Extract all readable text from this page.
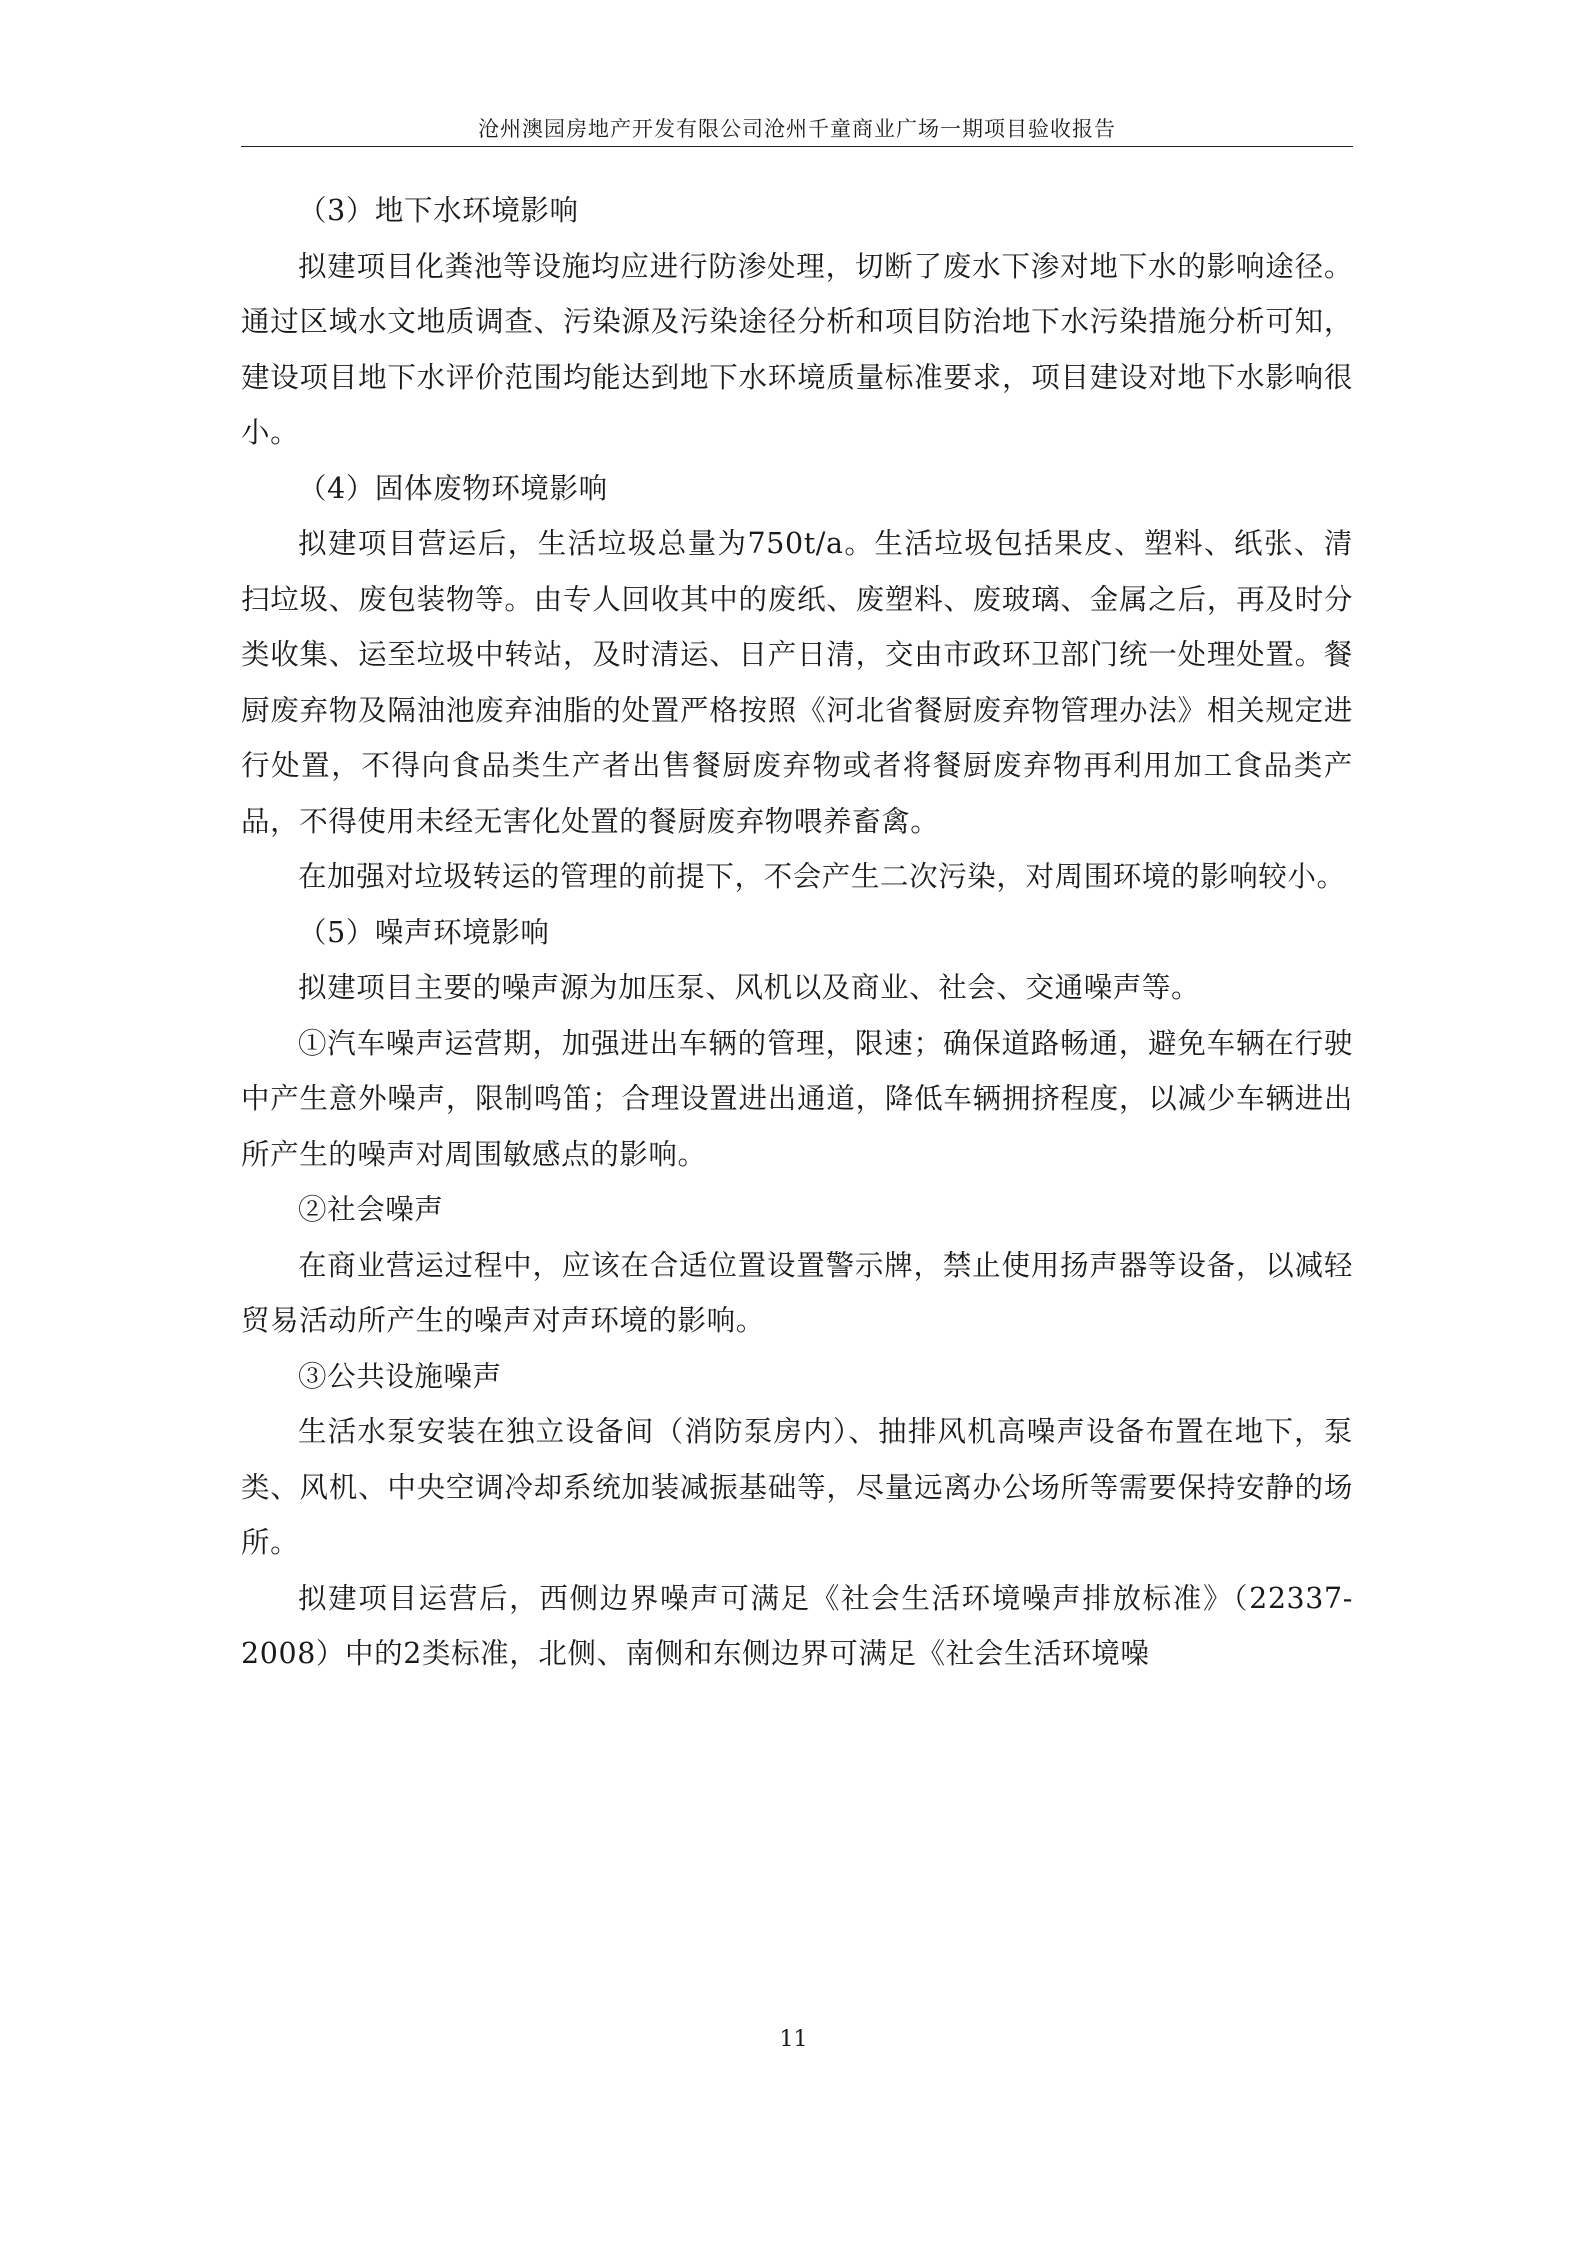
沧州澳园房地产开发有限公司沧州千童商业广场一期项目验收报告

（3）地下水环境影响

拟建项目化粪池等设施均应进行防渗处理，切断了废水下渗对地下水的影响途径。通过区域水文地质调查、污染源及污染途径分析和项目防治地下水污染措施分析可知，建设项目地下水评价范围均能达到地下水环境质量标准要求，项目建设对地下水影响很小。

（4）固体废物环境影响

拟建项目营运后，生活垃圾总量为750t/a。生活垃圾包括果皮、塑料、纸张、清扫垃圾、废包装物等。由专人回收其中的废纸、废塑料、废玻璃、金属之后，再及时分类收集、运至垃圾中转站，及时清运、日产日清，交由市政环卫部门统一处理处置。餐厨废弃物及隔油池废弃油脂的处置严格按照《河北省餐厨废弃物管理办法》相关规定进行处置，不得向食品类生产者出售餐厨废弃物或者将餐厨废弃物再利用加工食品类产品，不得使用未经无害化处置的餐厨废弃物喂养畜禽。

在加强对垃圾转运的管理的前提下，不会产生二次污染，对周围环境的影响较小。

（5）噪声环境影响

拟建项目主要的噪声源为加压泵、风机以及商业、社会、交通噪声等。

①汽车噪声运营期，加强进出车辆的管理，限速；确保道路畅通，避免车辆在行驶中产生意外噪声，限制鸣笛；合理设置进出通道，降低车辆拥挤程度，以减少车辆进出所产生的噪声对周围敏感点的影响。

②社会噪声

在商业营运过程中，应该在合适位置设置警示牌，禁止使用扬声器等设备，以减轻贸易活动所产生的噪声对声环境的影响。

③公共设施噪声

生活水泵安装在独立设备间（消防泵房内）、抽排风机高噪声设备布置在地下，泵类、风机、中央空调冷却系统加装减振基础等，尽量远离办公场所等需要保持安静的场所。

拟建项目运营后，西侧边界噪声可满足《社会生活环境噪声排放标准》（22337-2008）中的2类标准，北侧、南侧和东侧边界可满足《社会生活环境噪

11
